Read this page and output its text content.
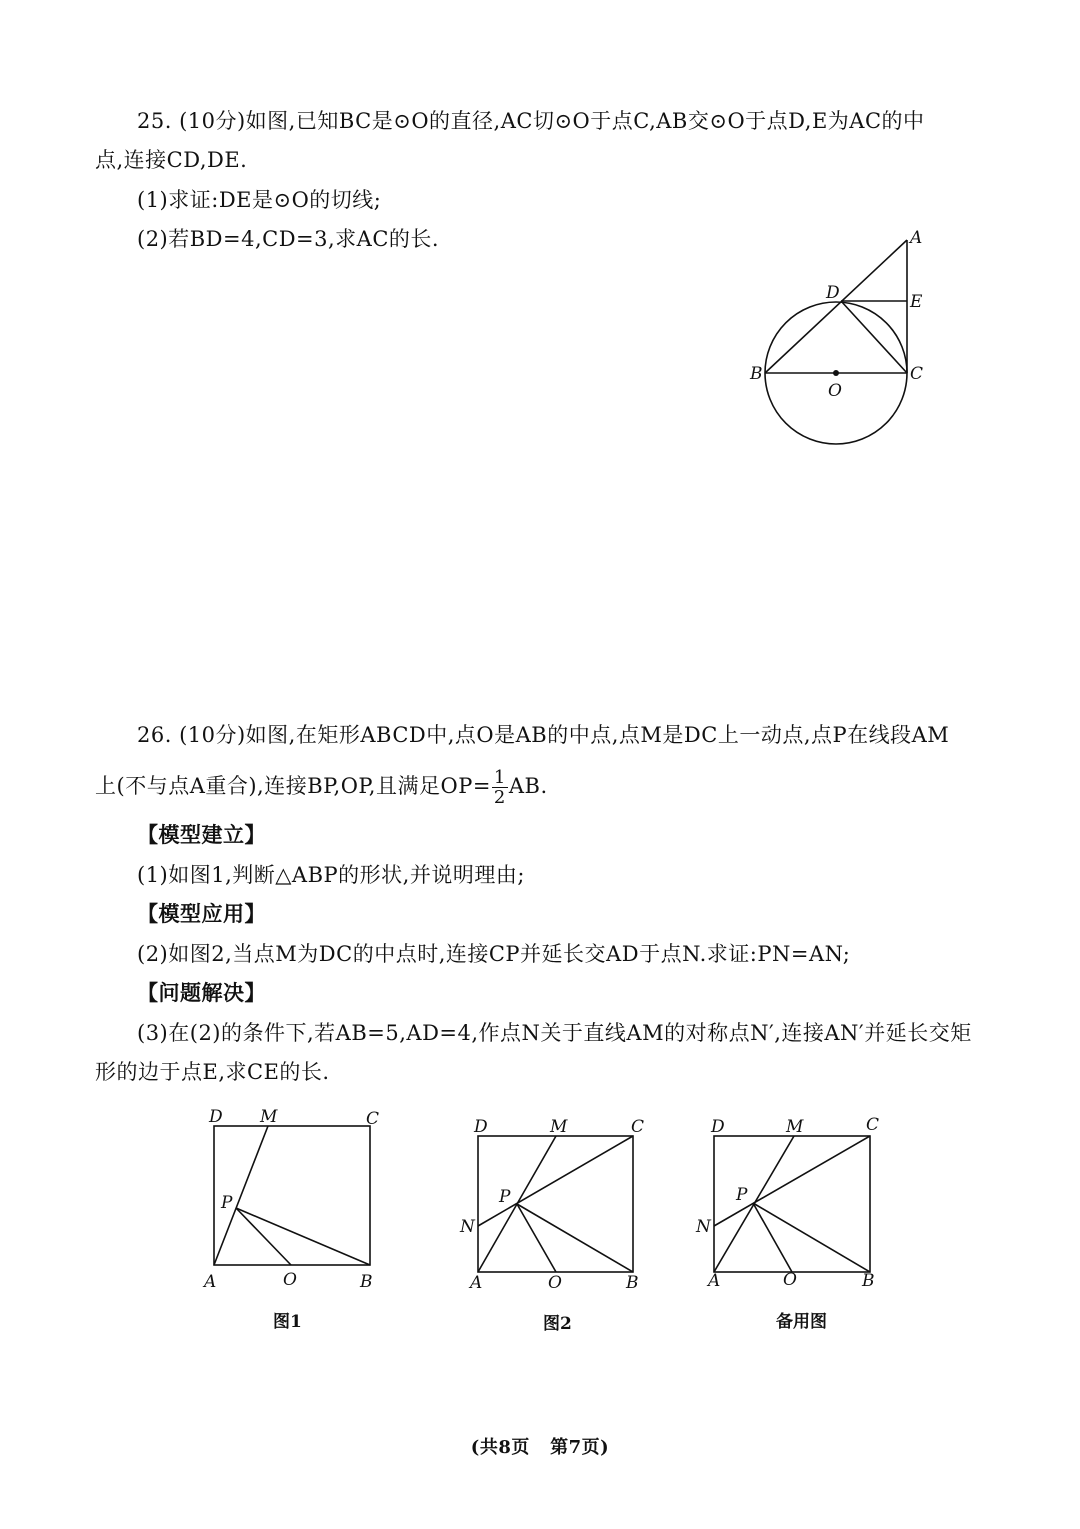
25. (10分)如图,已知BC是⊙O的直径,AC切⊙O于点C,AB交⊙O于点D,E为AC的中
点,连接CD,DE.
(1)求证:DE是⊙O的切线;
(2)若BD=4,CD=3,求AC的长.	A
D	E
B	C
O
26. (10分)如图,在矩形ABCD中,点O是AB的中点,点M是DC上一动点,点P在线段AM
上(不与点A重合),连接BP,OP,且满足$OP= \frac{1}{2}$ AB.
【模型建立】
(1)如图1,判断△ABP的形状,并说明理由;
【模型应用】
(2)如图2,当点M为DC的中点时,连接CP并延长交AD于点N.求证:PN=AN;
【问题解决】
(3)在(2)的条件下,若AB=5,AD=4,作点N关于直线AM的对称点N′,连接AN′并延长交矩
形的边于点E,求CE的长.
D M	C
P
A	O	B
图1
D	M	C
P
N
A	O	B
图2
D	M	C
P
N
A	O	B
备用图
(共8页   第7页)
